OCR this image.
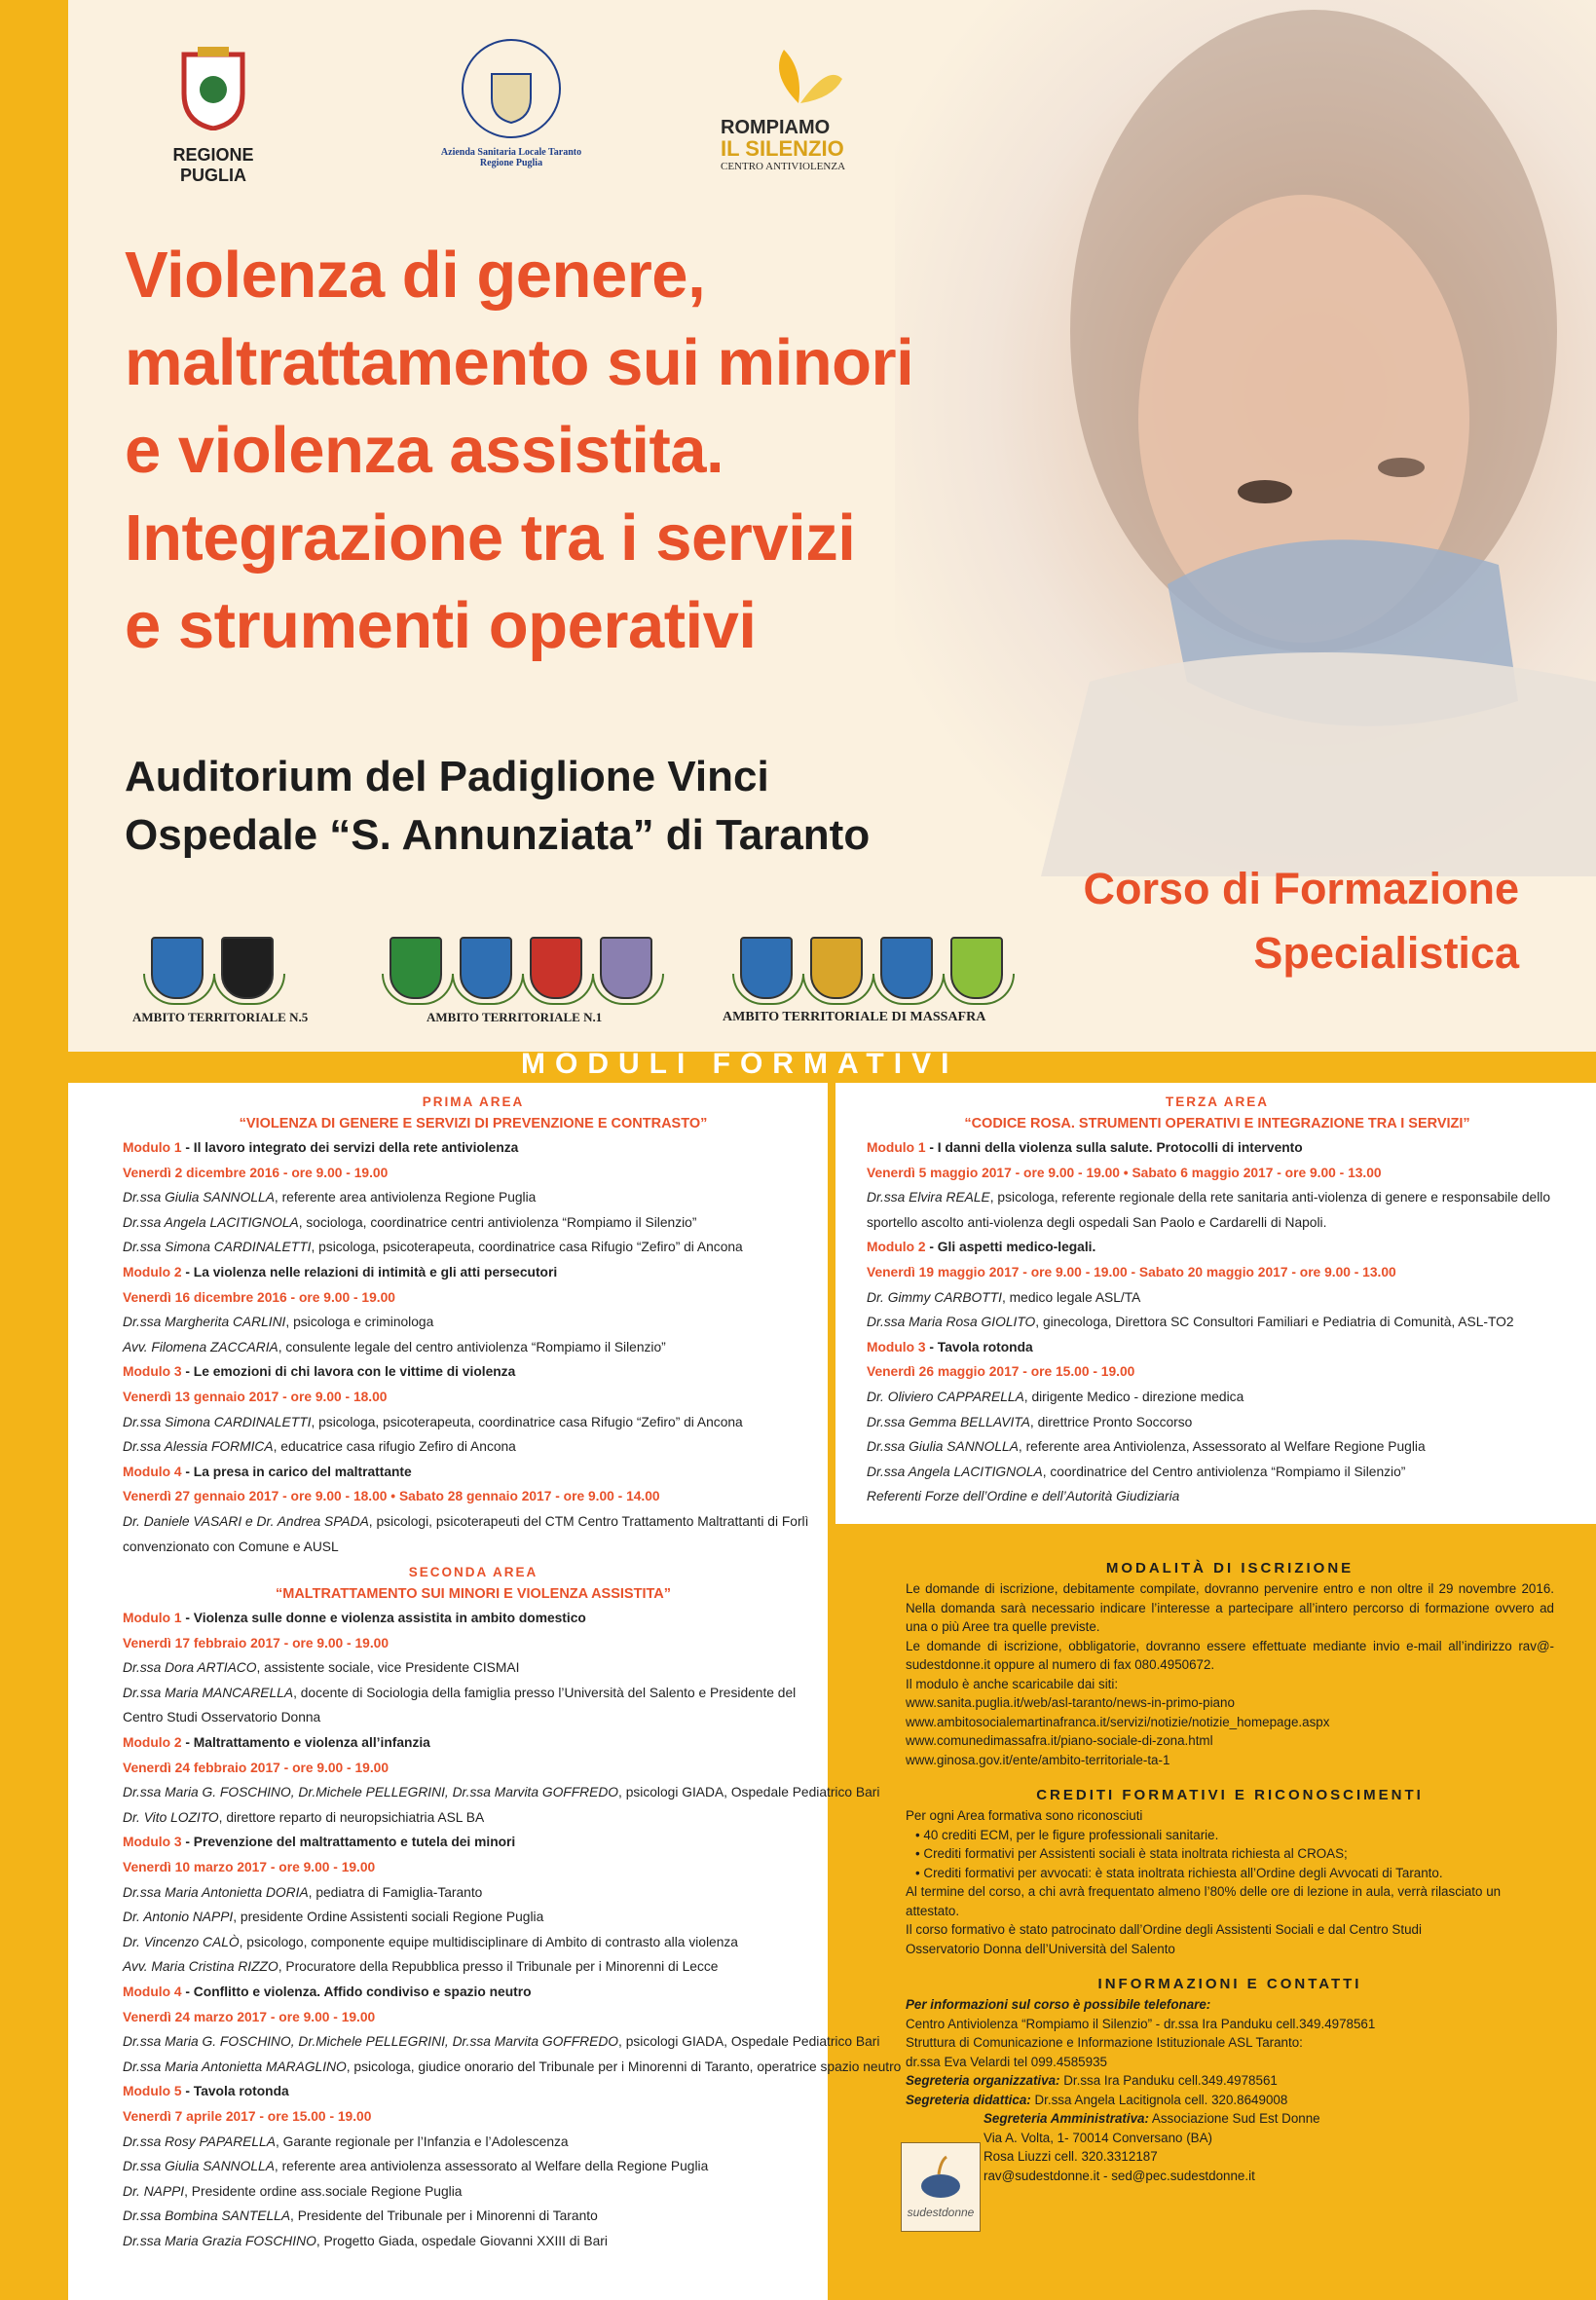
REGIONE PUGLIA
Azienda Sanitaria Locale Taranto
Regione Puglia
ROMPIAMO
IL SILENZIO
CENTRO ANTIVIOLENZA
Violenza di genere,
maltrattamento sui minori
e violenza assistita.
Integrazione tra i servizi
e strumenti operativi
Auditorium del Padiglione Vinci
Ospedale “S. Annunziata” di Taranto
Corso di Formazione
Specialistica
AMBITO TERRITORIALE N.5	AMBITO TERRITORIALE N.1	AMBITO TERRITORIALE DI MASSAFRA
MODULI FORMATIVI
PRIMA AREA
“VIOLENZA DI GENERE E SERVIZI DI PREVENZIONE E CONTRASTO”
Modulo 1 - Il lavoro integrato dei servizi della rete antiviolenza
Venerdì 2 dicembre 2016 - ore 9.00 - 19.00
Dr.ssa Giulia SANNOLLA, referente area antiviolenza Regione Puglia
Dr.ssa Angela LACITIGNOLA, sociologa, coordinatrice centri antiviolenza “Rompiamo il Silenzio”
Dr.ssa Simona CARDINALETTI, psicologa, psicoterapeuta, coordinatrice casa Rifugio “Zefiro” di Ancona
Modulo 2 - La violenza nelle relazioni di intimità e gli atti persecutori
Venerdì 16 dicembre 2016 - ore 9.00 - 19.00
Dr.ssa Margherita CARLINI, psicologa e criminologa
Avv. Filomena ZACCARIA, consulente legale del centro antiviolenza “Rompiamo il Silenzio”
Modulo 3 - Le emozioni di chi lavora con le vittime di violenza
Venerdì 13 gennaio 2017 - ore 9.00 - 18.00
Dr.ssa Simona CARDINALETTI, psicologa, psicoterapeuta, coordinatrice casa Rifugio “Zefiro” di Ancona
Dr.ssa Alessia FORMICA, educatrice casa rifugio Zefiro di Ancona
Modulo 4 - La presa in carico del maltrattante
Venerdì 27 gennaio 2017 - ore 9.00 - 18.00 • Sabato 28 gennaio 2017 - ore 9.00 - 14.00
Dr. Daniele VASARI e Dr. Andrea SPADA, psicologi, psicoterapeuti del CTM Centro Trattamento Maltrattanti di Forlì
convenzionato con Comune e AUSL
SECONDA AREA
“MALTRATTAMENTO SUI MINORI E VIOLENZA ASSISTITA”
Modulo 1 - Violenza sulle donne e violenza assistita in ambito domestico
Venerdì 17 febbraio 2017 - ore 9.00 - 19.00
Dr.ssa Dora ARTIACO, assistente sociale, vice Presidente CISMAI
Dr.ssa Maria MANCARELLA, docente di Sociologia della famiglia presso l’Università del Salento e Presidente del
Centro Studi Osservatorio Donna
Modulo 2 - Maltrattamento e violenza all’infanzia
Venerdì 24 febbraio 2017 - ore 9.00 - 19.00
Dr.ssa Maria G. FOSCHINO, Dr.Michele PELLEGRINI, Dr.ssa Marvita GOFFREDO, psicologi GIADA, Ospedale Pediatrico Bari
Dr. Vito LOZITO, direttore reparto di neuropsichiatria ASL BA
Modulo 3 - Prevenzione del maltrattamento e tutela dei minori
Venerdì 10 marzo 2017 - ore 9.00 - 19.00
Dr.ssa Maria Antonietta DORIA, pediatra di Famiglia-Taranto
Dr. Antonio NAPPI, presidente Ordine Assistenti sociali Regione Puglia
Dr. Vincenzo CALÒ, psicologo, componente equipe multidisciplinare di Ambito di contrasto alla violenza
Avv. Maria Cristina RIZZO, Procuratore della Repubblica presso il Tribunale per i Minorenni di Lecce
Modulo 4 - Conflitto e violenza. Affido condiviso e spazio neutro
Venerdì 24 marzo 2017 - ore 9.00 - 19.00
Dr.ssa Maria G. FOSCHINO, Dr.Michele PELLEGRINI, Dr.ssa Marvita GOFFREDO, psicologi GIADA, Ospedale Pediatrico Bari
Dr.ssa Maria Antonietta MARAGLINO, psicologa, giudice onorario del Tribunale per i Minorenni di Taranto, operatrice spazio neutro
Modulo 5 - Tavola rotonda
Venerdì 7 aprile 2017 - ore 15.00 - 19.00
Dr.ssa Rosy PAPARELLA, Garante regionale per l’Infanzia e l’Adolescenza
Dr.ssa Giulia SANNOLLA, referente area antiviolenza assessorato al Welfare della Regione Puglia
Dr. NAPPI, Presidente ordine ass.sociale Regione Puglia
Dr.ssa Bombina SANTELLA, Presidente del Tribunale per i Minorenni di Taranto
Dr.ssa Maria Grazia FOSCHINO, Progetto Giada, ospedale Giovanni XXIII di Bari
TERZA AREA
“CODICE ROSA. STRUMENTI OPERATIVI E INTEGRAZIONE TRA I SERVIZI”
Modulo 1 - I danni della violenza sulla salute. Protocolli di intervento
Venerdì 5 maggio 2017 - ore 9.00 - 19.00 • Sabato 6 maggio 2017 - ore 9.00 - 13.00
Dr.ssa Elvira REALE, psicologa, referente regionale della rete sanitaria anti-violenza di genere e responsabile dello
sportello ascolto anti-violenza degli ospedali San Paolo e Cardarelli di Napoli.
Modulo 2 - Gli aspetti medico-legali.
Venerdì 19 maggio 2017 - ore 9.00 - 19.00 - Sabato 20 maggio 2017 - ore 9.00 - 13.00
Dr. Gimmy CARBOTTI, medico legale ASL/TA
Dr.ssa Maria Rosa GIOLITO, ginecologa, Direttora SC Consultori Familiari e Pediatria di Comunità, ASL-TO2
Modulo 3 - Tavola rotonda
Venerdì 26 maggio 2017 - ore 15.00 - 19.00
Dr. Oliviero CAPPARELLA, dirigente Medico - direzione medica
Dr.ssa Gemma BELLAVITA, direttrice Pronto Soccorso
Dr.ssa Giulia SANNOLLA, referente area Antiviolenza, Assessorato al Welfare Regione Puglia
Dr.ssa Angela LACITIGNOLA, coordinatrice del Centro antiviolenza “Rompiamo il Silenzio”
Referenti Forze dell’Ordine e dell’Autorità Giudiziaria
MODALITÀ DI ISCRIZIONE

Le domande di iscrizione, debitamente compilate, dovranno pervenire entro e non oltre il 29 novembre 2016. Nella domanda sarà necessario indicare l’interesse a partecipare all’intero percorso di formazione ovvero ad una o più Aree tra quelle previste.

Le domande di iscrizione, obbligatorie, dovranno essere effettuate mediante invio e-mail all’indirizzo rav@-sudestdonne.it oppure al numero di fax 080.4950672.

Il modulo è anche scaricabile dai siti:

www.sanita.puglia.it/web/asl-taranto/news-in-primo-piano

www.ambitosocialemartinafranca.it/servizi/notizie/notizie_homepage.aspx

www.comunedimassafra.it/piano-sociale-di-zona.html

www.ginosa.gov.it/ente/ambito-territoriale-ta-1

CREDITI FORMATIVI E RICONOSCIMENTI

Per ogni Area formativa sono riconosciuti

• 40 crediti ECM, per le figure professionali sanitarie.

• Crediti formativi per Assistenti sociali è stata inoltrata richiesta al CROAS;

• Crediti formativi per avvocati: è stata inoltrata richiesta all’Ordine degli Avvocati di Taranto.

Al termine del corso, a chi avrà frequentato almeno l’80% delle ore di lezione in aula, verrà rilasciato un attestato.

Il corso formativo è stato patrocinato dall’Ordine degli Assistenti Sociali e dal Centro Studi

Osservatorio Donna dell’Università del Salento

INFORMAZIONI E CONTATTI

Per informazioni sul corso è possibile telefonare:

Centro Antiviolenza “Rompiamo il Silenzio” - dr.ssa Ira Panduku cell.349.4978561

Struttura di Comunicazione e Informazione Istituzionale ASL Taranto:

dr.ssa Eva Velardi tel 099.4585935

Segreteria organizzativa: Dr.ssa Ira Panduku cell.349.4978561

Segreteria didattica: Dr.ssa Angela Lacitignola cell. 320.8649008

Segreteria Amministrativa: Associazione Sud Est Donne

Via A. Volta, 1- 70014 Conversano (BA)

Rosa Liuzzi cell. 320.3312187

rav@sudestdonne.it - sed@pec.sudestdonne.it

sudestdonne
